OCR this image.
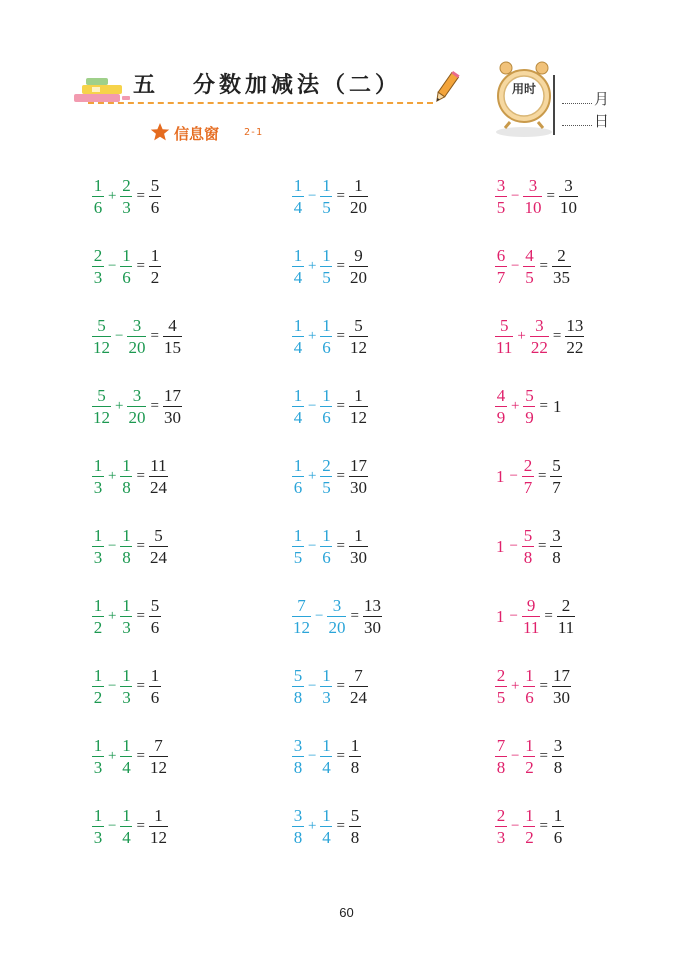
五 分数加减法（二）
信息窗 2-1
用时
月
日
$\frac{1}{6} + \frac{2}{3} = \frac{5}{6}$
$\frac{2}{3} - \frac{1}{6} = \frac{1}{2}$
$\frac{5}{12} - \frac{3}{20} = \frac{4}{15}$
$\frac{5}{12} + \frac{3}{20} = \frac{17}{30}$
$\frac{1}{3} + \frac{1}{8} = \frac{11}{24}$
$\frac{1}{3} - \frac{1}{8} = \frac{5}{24}$
$\frac{1}{2} + \frac{1}{3} = \frac{5}{6}$
$\frac{1}{2} - \frac{1}{3} = \frac{1}{6}$
$\frac{1}{3} + \frac{1}{4} = \frac{7}{12}$
$\frac{1}{3} - \frac{1}{4} = \frac{1}{12}$
$\frac{1}{4} - \frac{1}{5} = \frac{1}{20}$
$\frac{1}{4} + \frac{1}{5} = \frac{9}{20}$
$\frac{1}{4} + \frac{1}{6} = \frac{5}{12}$
$\frac{1}{4} - \frac{1}{6} = \frac{1}{12}$
$\frac{1}{6} + \frac{2}{5} = \frac{17}{30}$
$\frac{1}{5} - \frac{1}{6} = \frac{1}{30}$
$\frac{7}{12} - \frac{3}{20} = \frac{13}{30}$
$\frac{5}{8} - \frac{1}{3} = \frac{7}{24}$
$\frac{3}{8} - \frac{1}{4} = \frac{1}{8}$
$\frac{3}{8} + \frac{1}{4} = \frac{5}{8}$
$\frac{3}{5} - \frac{3}{10} = \frac{3}{10}$
$\frac{6}{7} - \frac{4}{5} = \frac{2}{35}$
$\frac{5}{11} + \frac{3}{22} = \frac{13}{22}$
$\frac{4}{9} + \frac{5}{9} = 1$
$1 - \frac{2}{7} = \frac{5}{7}$
$1 - \frac{5}{8} = \frac{3}{8}$
$1 - \frac{9}{11} = \frac{2}{11}$
$\frac{2}{5} + \frac{1}{6} = \frac{17}{30}$
$\frac{7}{8} - \frac{1}{2} = \frac{3}{8}$
$\frac{2}{3} - \frac{1}{2} = \frac{1}{6}$
60
